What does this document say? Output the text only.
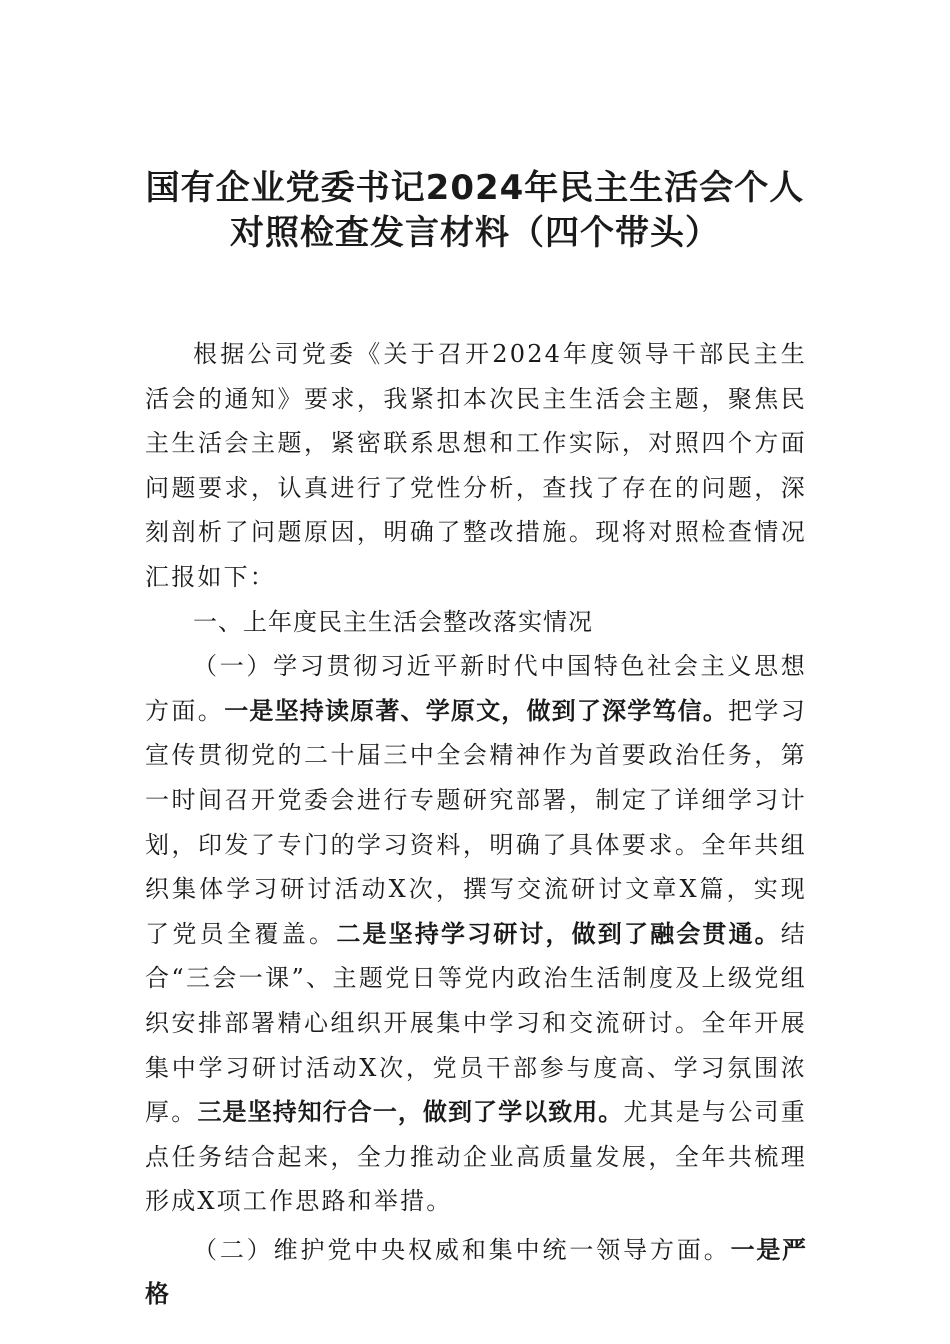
国有企业党委书记2024年民主生活会个人
对照检查发言材料（四个带头）

根据公司党委《关于召开2024年度领导干部民主生活会的通知》要求，我紧扣本次民主生活会主题，聚焦民主生活会主题，紧密联系思想和工作实际，对照四个方面问题要求，认真进行了党性分析，查找了存在的问题，深刻剖析了问题原因，明确了整改措施。现将对照检查情况汇报如下：

一、上年度民主生活会整改落实情况

（一）学习贯彻习近平新时代中国特色社会主义思想方面。一是坚持读原著、学原文，做到了深学笃信。把学习宣传贯彻党的二十届三中全会精神作为首要政治任务，第一时间召开党委会进行专题研究部署，制定了详细学习计划，印发了专门的学习资料，明确了具体要求。全年共组织集体学习研讨活动X次，撰写交流研讨文章X篇，实现了党员全覆盖。二是坚持学习研讨，做到了融会贯通。结合“三会一课”、主题党日等党内政治生活制度及上级党组织安排部署精心组织开展集中学习和交流研讨。全年开展集中学习研讨活动X次，党员干部参与度高、学习氛围浓厚。三是坚持知行合一，做到了学以致用。尤其是与公司重点任务结合起来，全力推动企业高质量发展，全年共梳理形成X项工作思路和举措。

（二）维护党中央权威和集中统一领导方面。一是严格
